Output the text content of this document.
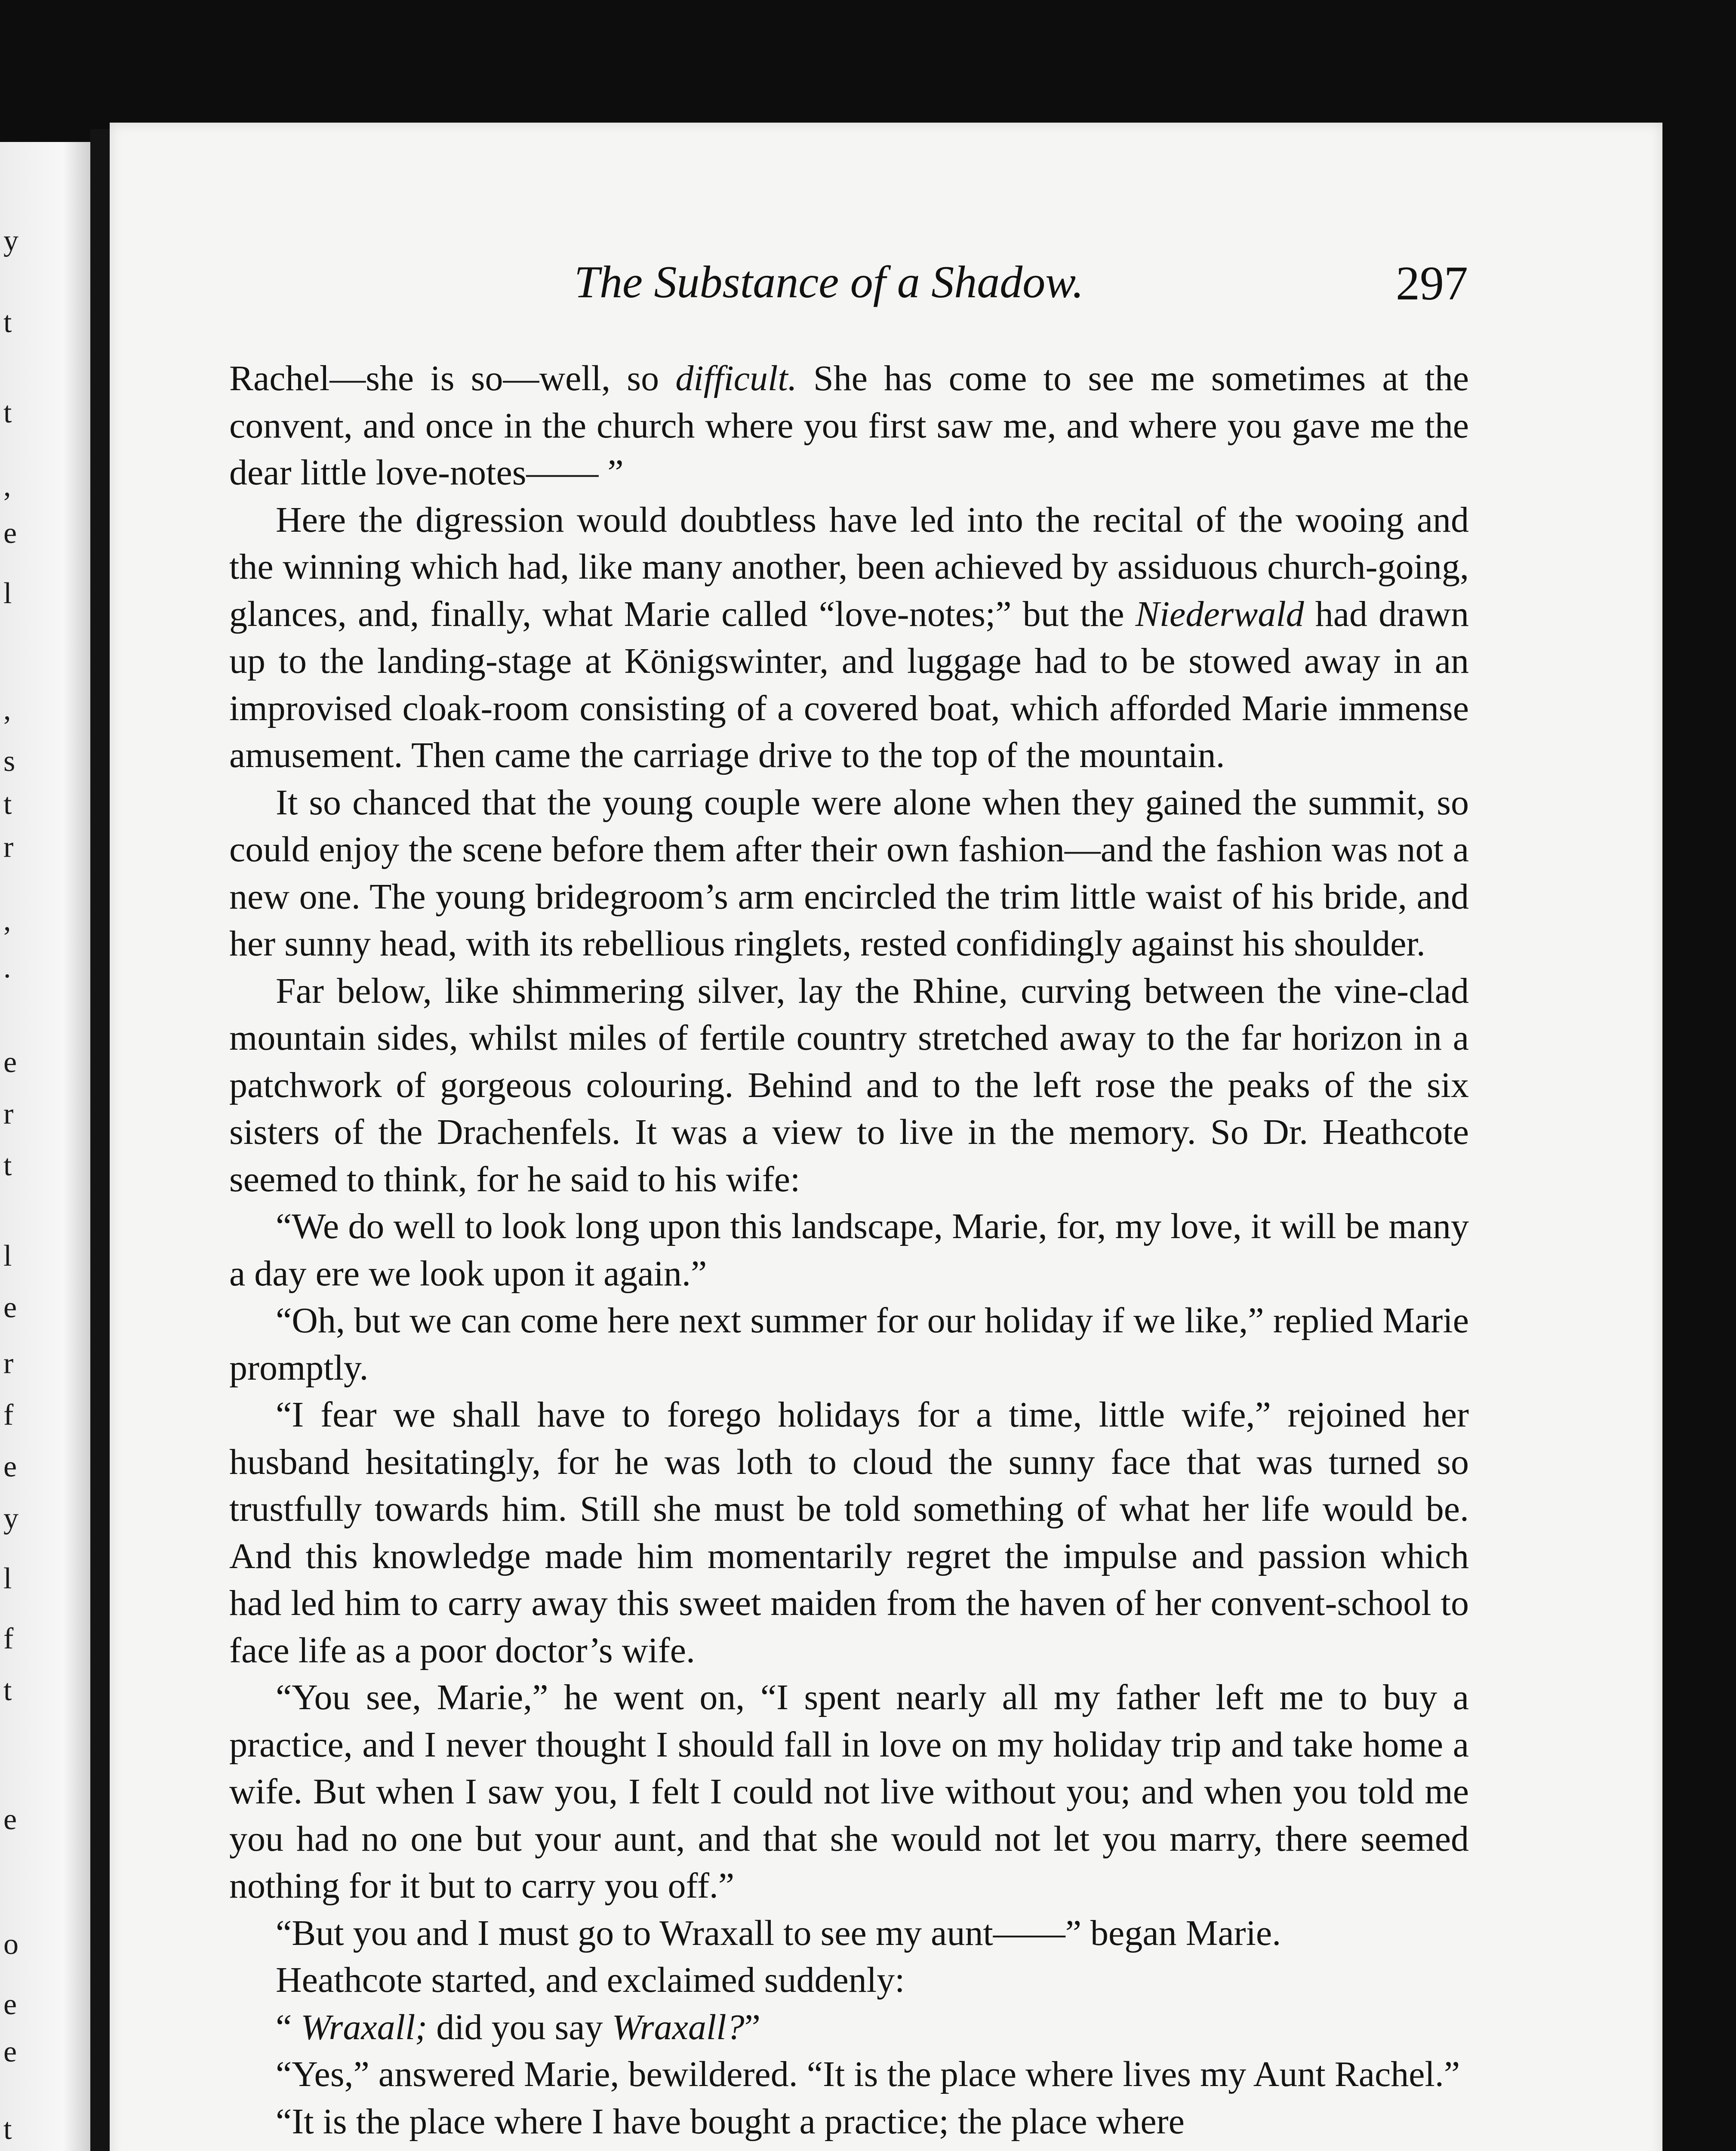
y
t
t
,
e
l
,
s
t
r
,
.
e
r
t
l
e
r
f
e
y
l
f
t
e
o
e
e
t
The Substance of a Shadow.	297

Rachel—she is so—well, so difficult. She has come to see me sometimes at the convent, and once in the church where you first saw me, and where you gave me the dear little love-notes—— ”

Here the digression would doubtless have led into the recital of the wooing and the winning which had, like many another, been achieved by assiduous church-going, glances, and, finally, what Marie called “love-notes;” but the Niederwald had drawn up to the landing-stage at Königswinter, and luggage had to be stowed away in an improvised cloak-room consisting of a covered boat, which afforded Marie immense amusement. Then came the carriage drive to the top of the mountain.

It so chanced that the young couple were alone when they gained the summit, so could enjoy the scene before them after their own fashion—and the fashion was not a new one. The young bridegroom’s arm encircled the trim little waist of his bride, and her sunny head, with its rebellious ringlets, rested confidingly against his shoulder.

Far below, like shimmering silver, lay the Rhine, curving between the vine-clad mountain sides, whilst miles of fertile country stretched away to the far horizon in a patchwork of gorgeous colouring. Behind and to the left rose the peaks of the six sisters of the Drachenfels. It was a view to live in the memory. So Dr. Heathcote seemed to think, for he said to his wife:

“We do well to look long upon this landscape, Marie, for, my love, it will be many a day ere we look upon it again.”

“Oh, but we can come here next summer for our holiday if we like,” replied Marie promptly.

“I fear we shall have to forego holidays for a time, little wife,” rejoined her husband hesitatingly, for he was loth to cloud the sunny face that was turned so trustfully towards him. Still she must be told something of what her life would be. And this knowledge made him momentarily regret the impulse and passion which had led him to carry away this sweet maiden from the haven of her convent-school to face life as a poor doctor’s wife.

“You see, Marie,” he went on, “I spent nearly all my father left me to buy a practice, and I never thought I should fall in love on my holiday trip and take home a wife. But when I saw you, I felt I could not live without you; and when you told me you had no one but your aunt, and that she would not let you marry, there seemed nothing for it but to carry you off.”

“But you and I must go to Wraxall to see my aunt——” began Marie.

Heathcote started, and exclaimed suddenly:

“ Wraxall; did you say Wraxall?”

“Yes,” answered Marie, bewildered. “It is the place where lives my Aunt Rachel.”

“It is the place where I have bought a practice; the place where
